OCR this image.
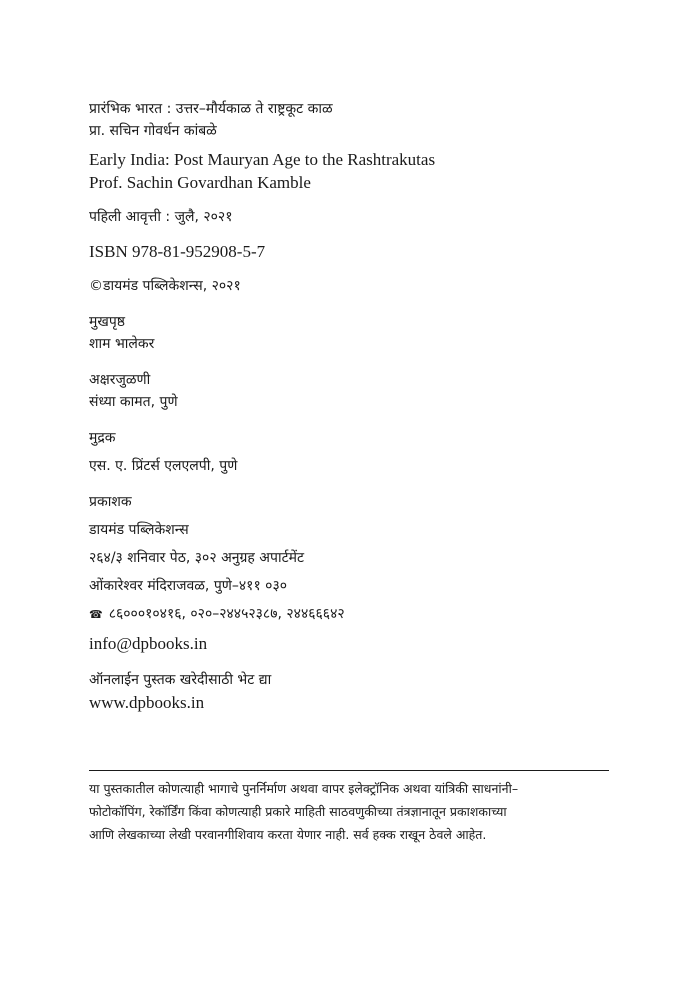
प्रारंभिक भारत : उत्तर–मौर्यकाळ ते राष्ट्रकूट काळ
प्रा. सचिन गोवर्धन कांबळे
Early India: Post Mauryan Age to the Rashtrakutas
Prof. Sachin Govardhan Kamble
पहिली आवृत्ती : जुलै, २०२१
ISBN 978-81-952908-5-7
©डायमंड पब्लिकेशन्स, २०२१
मुखपृष्ठ
शाम भालेकर
अक्षरजुळणी
संध्या कामत, पुणे
मुद्रक
एस. ए. प्रिंटर्स एलएलपी, पुणे
प्रकाशक
डायमंड पब्लिकेशन्स
२६४/३ शनिवार पेठ, ३०२ अनुग्रह अपार्टमेंट
ओंकारेश्वर मंदिराजवळ, पुणे–४११ ०३०
☎ ८६०००१०४१६, ०२०–२४४५२३८७, २४४६६६४२
info@dpbooks.in
ऑनलाईन पुस्तक खरेदीसाठी भेट द्या
www.dpbooks.in
या पुस्तकातील कोणत्याही भागाचे पुनर्निर्माण अथवा वापर इलेक्ट्रॉनिक अथवा यांत्रिकी साधनांनी–
फोटोकॉपिंग, रेकॉर्डिंग किंवा कोणत्याही प्रकारे माहिती साठवणुकीच्या तंत्रज्ञानातून प्रकाशकाच्या
आणि लेखकाच्या लेखी परवानगीशिवाय करता येणार नाही. सर्व हक्क राखून ठेवले आहेत.
